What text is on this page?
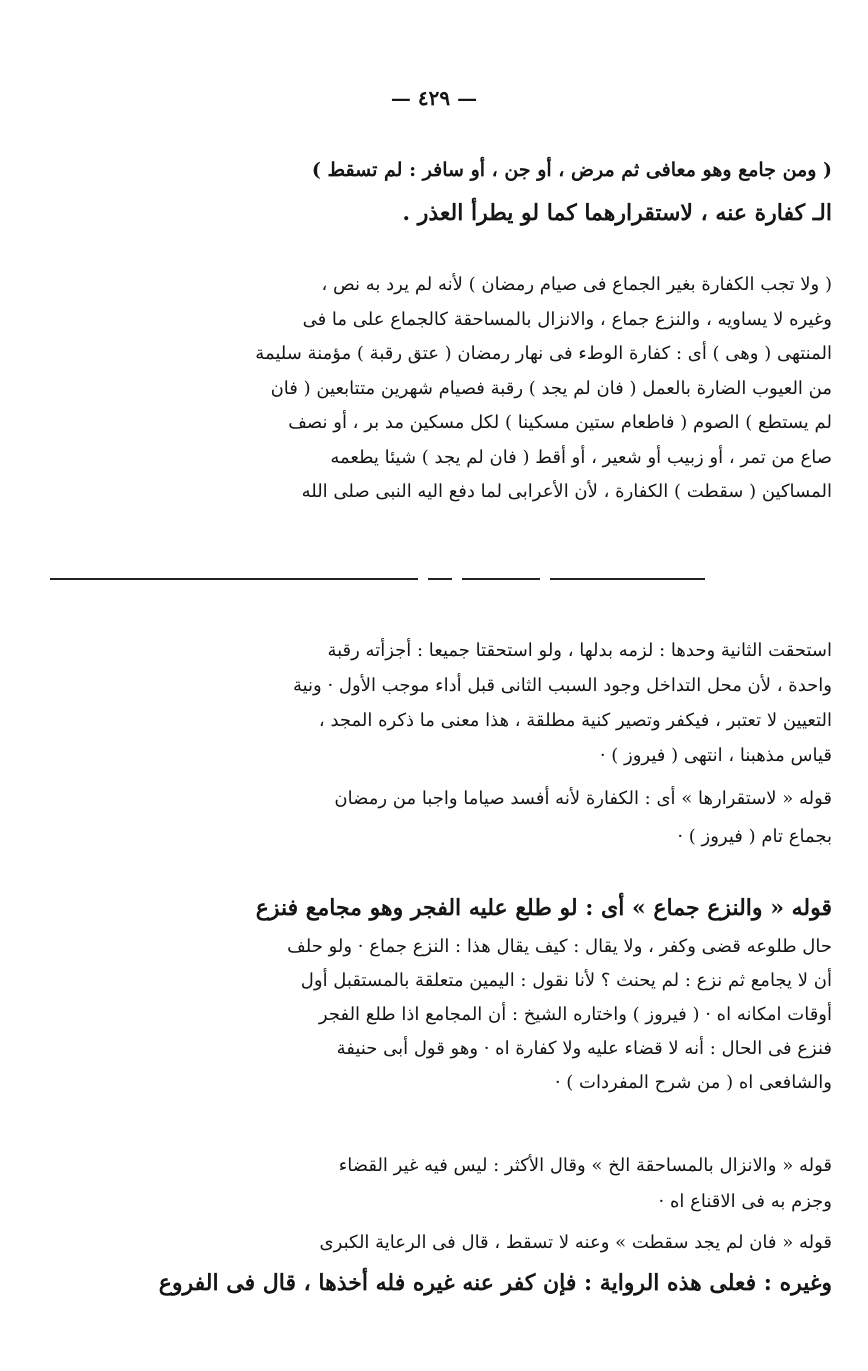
— ٤٢٩ —
( ومن جامع وهو معافى ثم مرض ، أو جن ، أو سافر : لم تسقط )
الـ كفارة عنه ، لاستقرارهما كما لو يطرأ العذر .
( ولا تجب الكفارة بغير الجماع فى صيام رمضان ) لأنه لم يرد به نص ،
وغيره لا يساويه ، والنزع جماع ، والانزال بالمساحقة كالجماع على ما فى
المنتهى ( وهى ) أى : كفارة الوطء فى نهار رمضان ( عتق رقبة ) مؤمنة سليمة
من العيوب الضارة بالعمل ( فان لم يجد ) رقبة فصيام شهرين متتابعين ( فان
لم يستطع ) الصوم ( فاطعام ستين مسكينا ) لكل مسكين مد بر ، أو نصف
صاع من تمر ، أو زبيب أو شعير ، أو أقط ( فان لم يجد ) شيئا يطعمه
المساكين ( سقطت ) الكفارة ، لأن الأعرابى لما دفع اليه النبى صلى الله
استحقت الثانية وحدها : لزمه بدلها ، ولو استحقتا جميعا : أجزأته رقبة
واحدة ، لأن محل التداخل وجود السبب الثانى قبل أداء موجب الأول · ونية
التعيين لا تعتبر ، فيكفر وتصير كنية مطلقة ، هذا معنى ما ذكره المجد ،
قياس مذهبنا ، انتهى ( فيروز ) ·
قوله « لاستقرارها » أى : الكفارة لأنه أفسد صياما واجبا من رمضان
بجماع تام ( فيروز ) ·
قوله « والنزع جماع » أى : لو طلع عليه الفجر وهو مجامع فنزع
حال طلوعه قضى وكفر ، ولا يقال : كيف يقال هذا : النزع جماع · ولو حلف
أن لا يجامع ثم نزع : لم يحنث ؟ لأنا نقول : اليمين متعلقة بالمستقبل أول
أوقات امكانه اه · ( فيروز ) واختاره الشيخ : أن المجامع اذا طلع الفجر
فنزع فى الحال : أنه لا قضاء عليه ولا كفارة اه · وهو قول أبى حنيفة
والشافعى اه ( من شرح المفردات ) ·
قوله « والانزال بالمساحقة الخ » وقال الأكثر : ليس فيه غير القضاء
وجزم به فى الاقناع اه ·
قوله « فان لم يجد سقطت » وعنه لا تسقط ، قال فى الرعاية الكبرى
وغيره : فعلى هذه الرواية : فإن كفر عنه غيره فله أخذها ، قال فى الفروع
